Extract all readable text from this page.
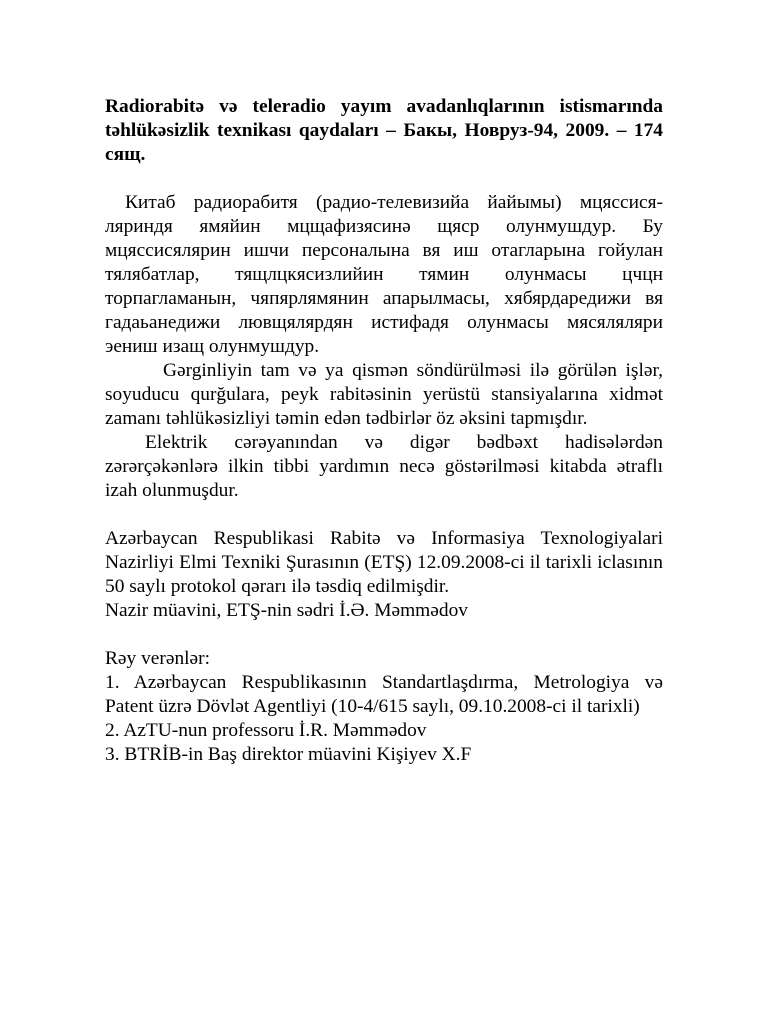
Radiorabitə və teleradio yayım avadanlıqlarının istismarında təhlükəsizlik texnikası qaydaları – Бакы, Новруз-94, 2009. – 174 сящ.

Китаб радиорабитя (радио-телевизийа йайымы) мцяссися-ляриндя ямяйин мцщафизясинə щяср олунмушдур. Бу мцяссисялярин ишчи персоналына вя иш отагларына гойулан тялябатлар, тящлцкясизлийин тямин олунмасы цчцн торпагламанын, чяпярлямянин апарылмасы, хябярдаредижи вя гадаьанедижи лювщялярдян истифадя олунмасы мясяляляри эениш изащ олунмушдур.

Gərginliyin tam və ya qismən söndürülməsi ilə görülən işlər, soyuducu qurğulara, peyk rabitəsinin yerüstü stansiyalarına xidmət zamanı təhlükəsizliyi təmin edən tədbirlər öz əksini tapmışdır.

Elektrik cərəyanından və digər bədbəxt hadisələrdən zərərçəkənlərə ilkin tibbi yardımın necə göstərilməsi kitabda ətraflı izah olunmuşdur.

Azərbaycan Respublikasi Rabitə və Informasiya Texnologiyalari Nazirliyi Elmi Texniki Şurasının (ETŞ) 12.09.2008-ci il tarixli iclasının 50 saylı protokol qərarı ilə təsdiq edilmişdir.

Nazir müavini, ETŞ-nin sədri İ.Ə. Məmmədov

Rəy verənlər:

1. Azərbaycan Respublikasının Standartlaşdırma, Metrologiya və Patent üzrə Dövlət Agentliyi (10-4/615 saylı, 09.10.2008-ci il tarixli)

2. AzTU-nun professoru İ.R. Məmmədov

3. BTRİB-in Baş direktor müavini Kişiyev X.F
